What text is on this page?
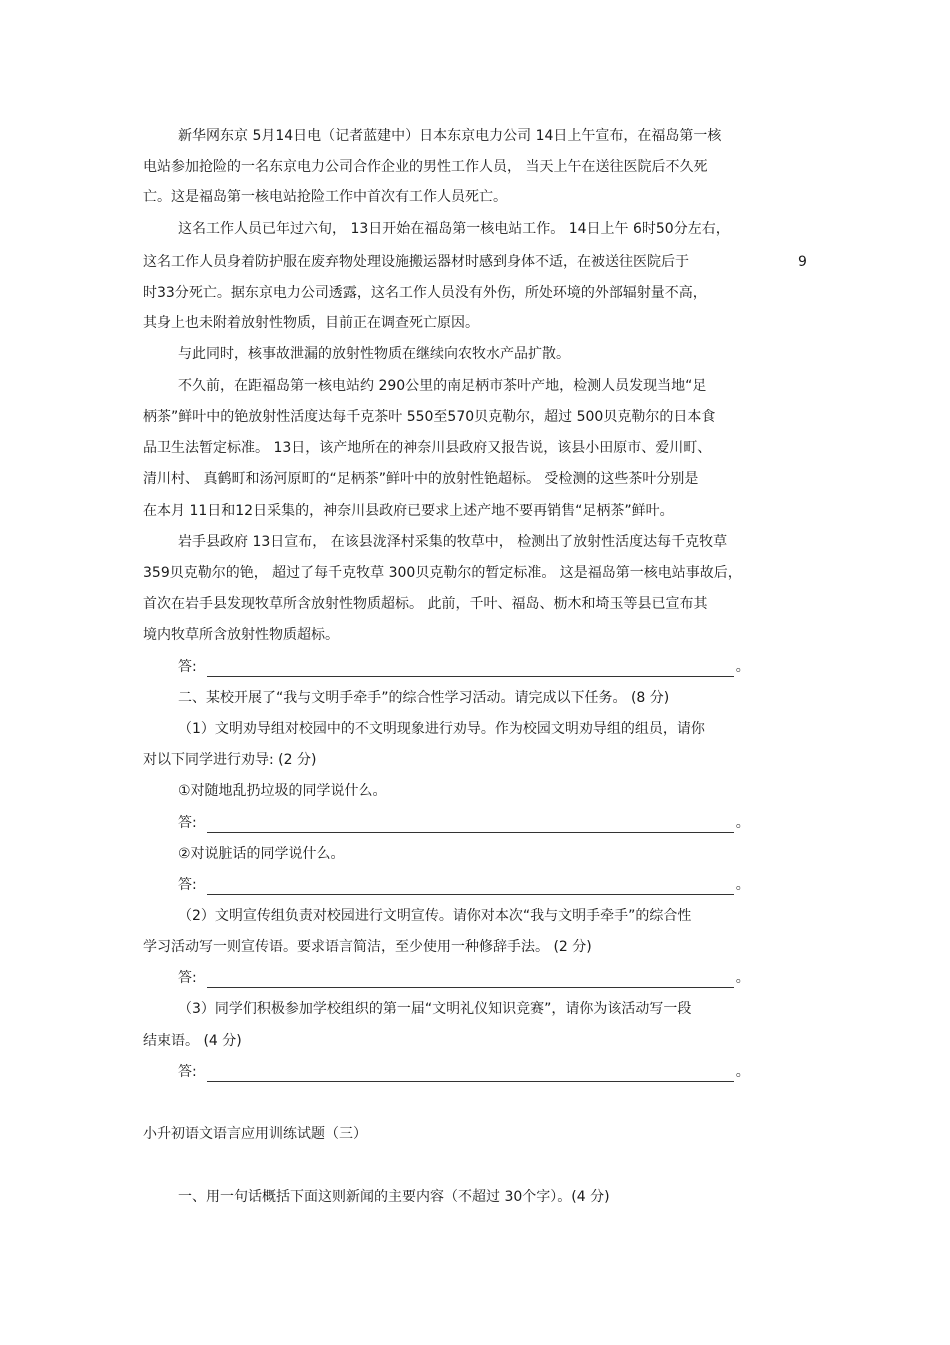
新华网东京 5月14日电（记者蓝建中）日本东京电力公司 14日上午宣布，在福岛第一核
电站参加抢险的一名东京电力公司合作企业的男性工作人员， 当天上午在送往医院后不久死
亡。这是福岛第一核电站抢险工作中首次有工作人员死亡。
这名工作人员已年过六旬， 13日开始在福岛第一核电站工作。 14日上午 6时50分左右，
这名工作人员身着防护服在废弃物处理设施搬运器材时感到身体不适，在被送往医院后于	9
时33分死亡。据东京电力公司透露，这名工作人员没有外伤，所处环境的外部辐射量不高，
其身上也未附着放射性物质，目前正在调查死亡原因。
与此同时，核事故泄漏的放射性物质在继续向农牧水产品扩散。
不久前，在距福岛第一核电站约 290公里的南足柄市茶叶产地，检测人员发现当地“足
柄茶”鲜叶中的铯放射性活度达每千克茶叶 550至570贝克勒尔，超过 500贝克勒尔的日本食
品卫生法暂定标准。 13日，该产地所在的神奈川县政府又报告说，该县小田原市、爱川町、
清川村、 真鹤町和汤河原町的“足柄茶”鲜叶中的放射性铯超标。 受检测的这些茶叶分别是
在本月 11日和12日采集的，神奈川县政府已要求上述产地不要再销售“足柄茶”鲜叶。
岩手县政府 13日宣布， 在该县泷泽村采集的牧草中， 检测出了放射性活度达每千克牧草
359贝克勒尔的铯， 超过了每千克牧草 300贝克勒尔的暂定标准。 这是福岛第一核电站事故后，
首次在岩手县发现牧草所含放射性物质超标。 此前，千叶、福岛、枥木和埼玉等县已宣布其
境内牧草所含放射性物质超标。
答:	。
二、某校开展了“我与文明手牵手”的综合性学习活动。请完成以下任务。 (8 分)
（1）文明劝导组对校园中的不文明现象进行劝导。作为校园文明劝导组的组员，请你
对以下同学进行劝导: (2 分)
①对随地乱扔垃圾的同学说什么。
答:	。
②对说脏话的同学说什么。
答:	。
（2）文明宣传组负责对校园进行文明宣传。请你对本次“我与文明手牵手”的综合性
学习活动写一则宣传语。要求语言简洁，至少使用一种修辞手法。 (2 分)
答:	。
（3）同学们积极参加学校组织的第一届“文明礼仪知识竞赛”，请你为该活动写一段
结束语。 (4 分)
答:	。
小升初语文语言应用训练试题（三）
一、用一句话概括下面这则新闻的主要内容（不超过 30个字）。(4 分)
